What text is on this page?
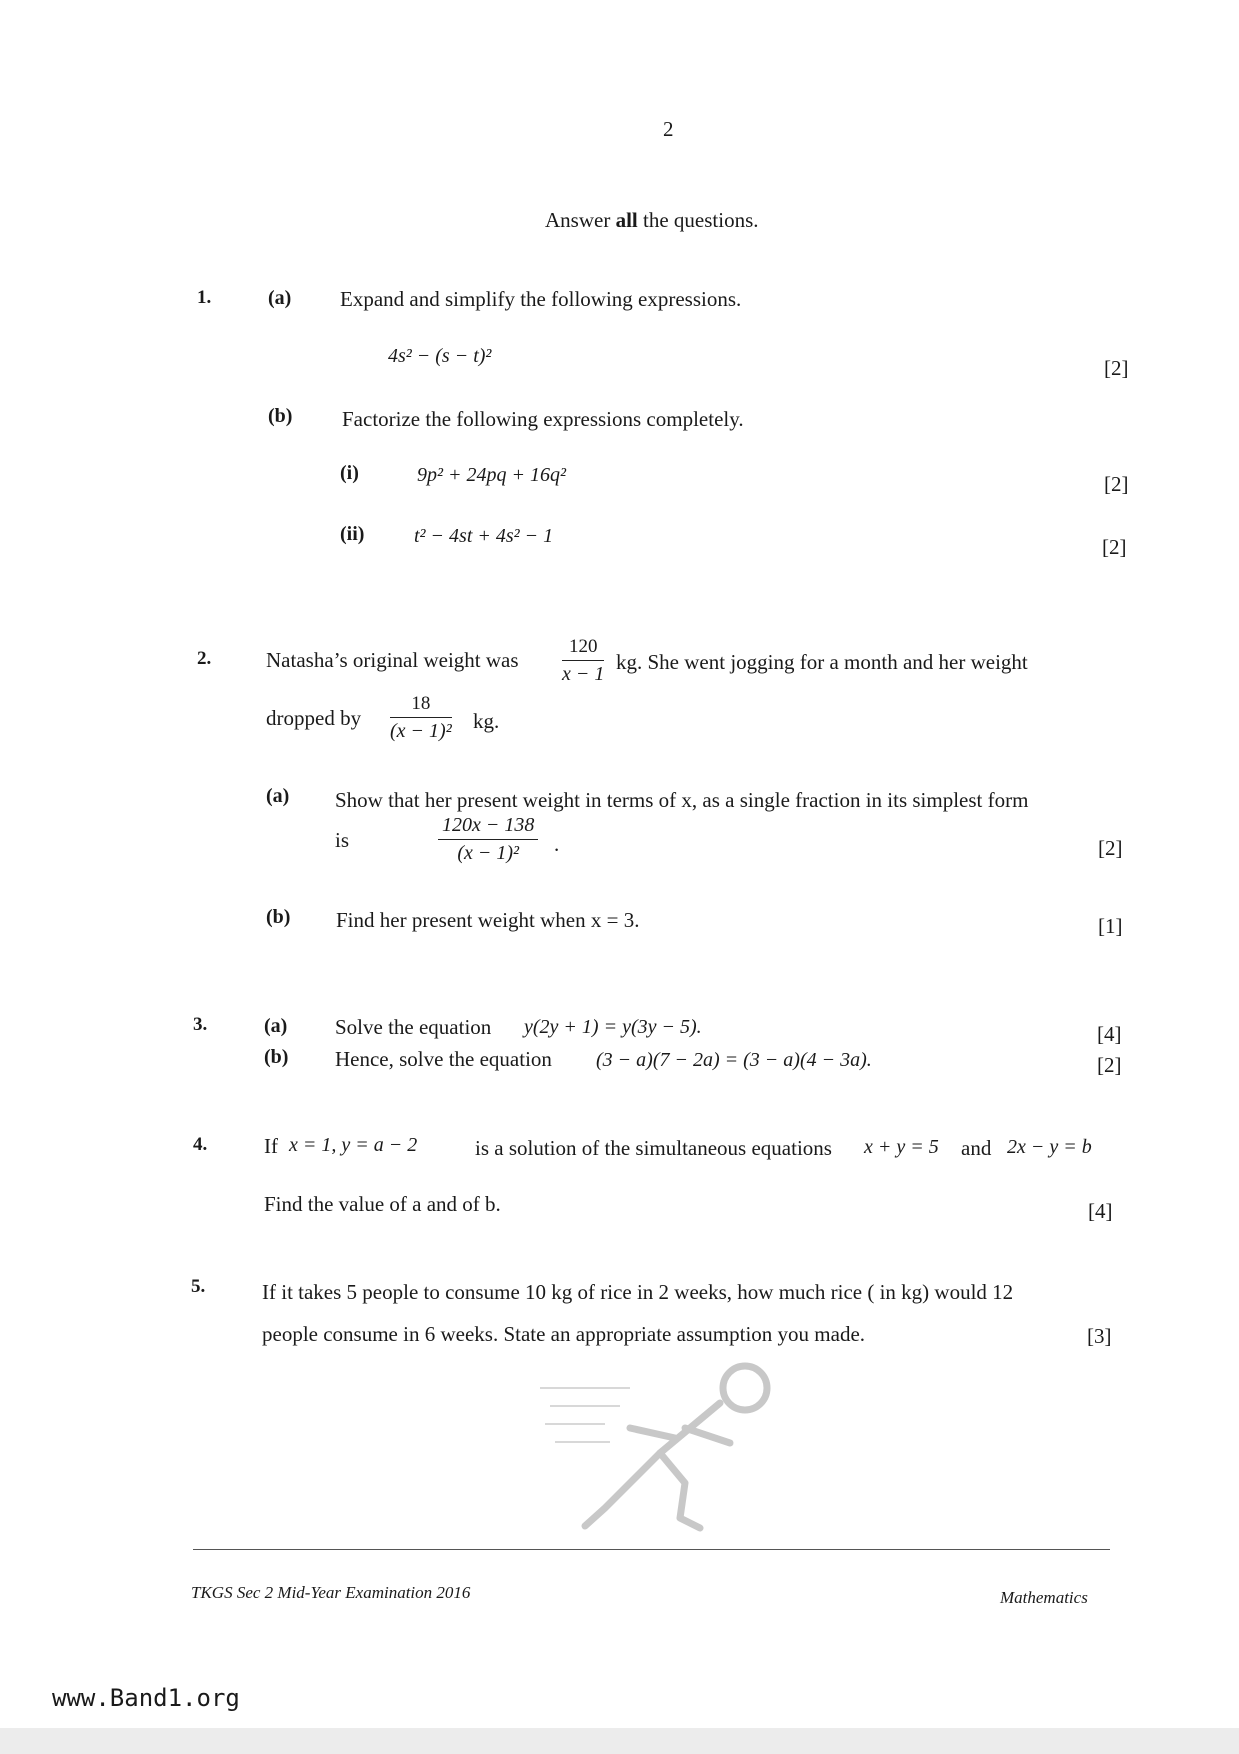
2
Answer all the questions.
1.	(a) Expand and simplify the following expressions.
4s² − (s − t)²	[2]
(b) Factorize the following expressions completely.
(i)	9p² + 24pq + 16q²	[2]
(ii) t² − 4st + 4s² − 1	[2]
2.	Natasha’s original weight was $\frac{120}{x - 1}$ kg. She went jogging for a month and her weight
dropped by $\frac{18}{\text{(x − 1)²}}$ kg.
(a) Show that her present weight in terms of x, as a single fraction in its simplest form
is	$\frac{120x - 138}{\text{(x − 1)²}}$ .	[2]
(b) Find her present weight when x = 3.	[1]
3.	(a) Solve the equation y(2y + 1) = y(3y − 5).	[4]
(b) Hence, solve the equation (3 − a)(7 − 2a) = (3 − a)(4 − 3a).	[2]
4.	If x = 1, y = a − 2	is a solution of the simultaneous equations x + y = 5 and 2x − y = b
Find the value of a and of b.	[4]
5.	If it takes 5 people to consume 10 kg of rice in 2 weeks, how much rice ( in kg) would 12
people consume in 6 weeks. State an appropriate assumption you made.	[3]
TKGS Sec 2 Mid-Year Examination 2016	Mathematics
www.Band1.org
